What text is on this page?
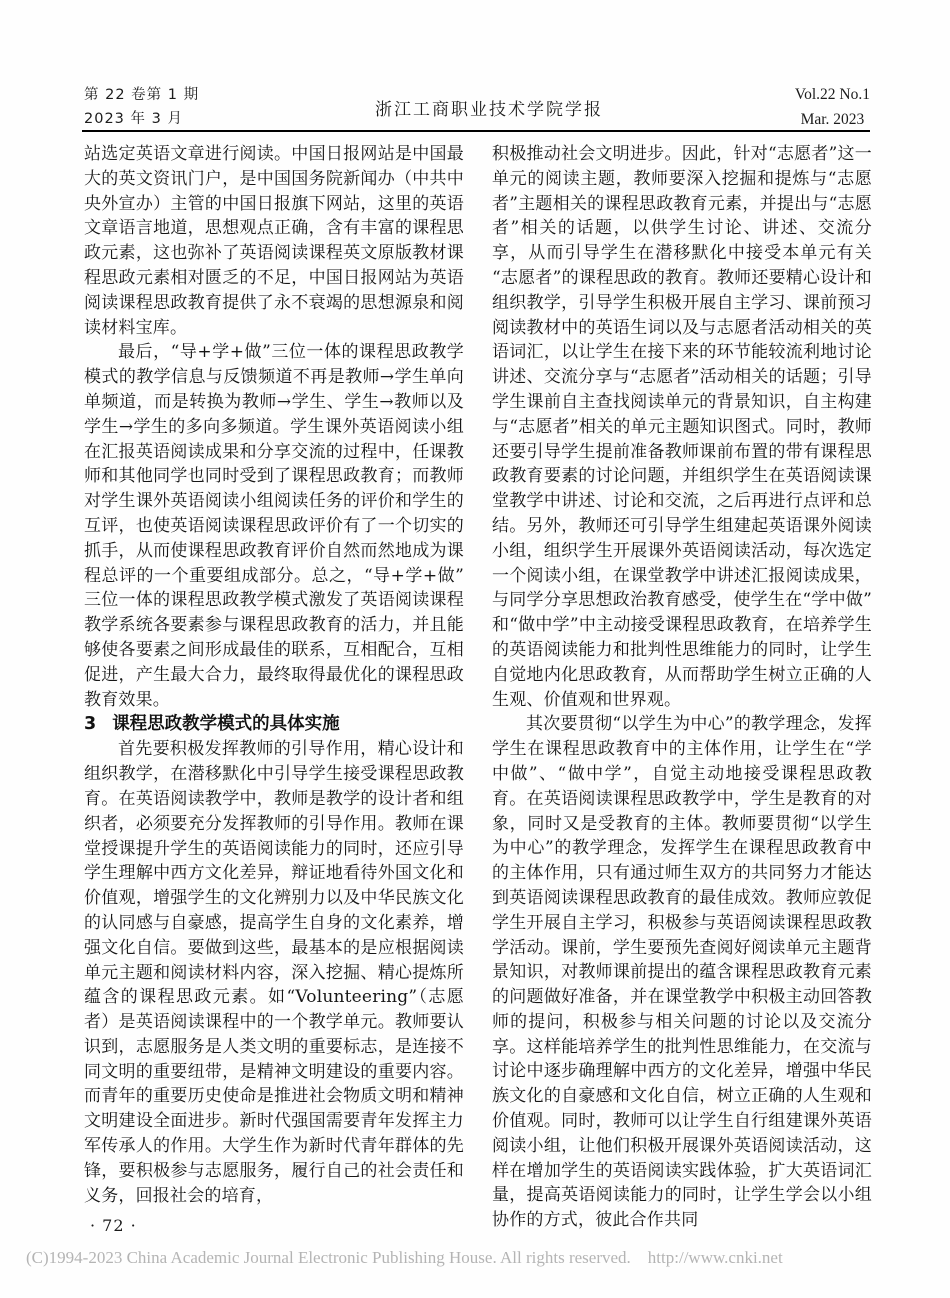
第 22 卷第 1 期
2023 年 3 月	浙江工商职业技术学院学报
Vol.22 No.1
Mar. 2023

站选定英语文章进行阅读。中国日报网站是中国最大的英文资讯门户，是中国国务院新闻办（中共中央外宣办）主管的中国日报旗下网站，这里的英语文章语言地道，思想观点正确，含有丰富的课程思政元素，这也弥补了英语阅读课程英文原版教材课程思政元素相对匮乏的不足，中国日报网站为英语阅读课程思政教育提供了永不衰竭的思想源泉和阅读材料宝库。

最后，“导+学+做”三位一体的课程思政教学模式的教学信息与反馈频道不再是教师→学生单向单频道，而是转换为教师→学生、学生→教师以及学生→学生的多向多频道。学生课外英语阅读小组在汇报英语阅读成果和分享交流的过程中，任课教师和其他同学也同时受到了课程思政教育；而教师对学生课外英语阅读小组阅读任务的评价和学生的互评，也使英语阅读课程思政评价有了一个切实的抓手，从而使课程思政教育评价自然而然地成为课程总评的一个重要组成部分。总之，“导+学+做”三位一体的课程思政教学模式激发了英语阅读课程教学系统各要素参与课程思政教育的活力，并且能够使各要素之间形成最佳的联系，互相配合，互相促进，产生最大合力，最终取得最优化的课程思政教育效果。

3 课程思政教学模式的具体实施

首先要积极发挥教师的引导作用，精心设计和组织教学，在潜移默化中引导学生接受课程思政教育。在英语阅读教学中，教师是教学的设计者和组织者，必须要充分发挥教师的引导作用。教师在课堂授课提升学生的英语阅读能力的同时，还应引导学生理解中西方文化差异，辩证地看待外国文化和价值观，增强学生的文化辨别力以及中华民族文化的认同感与自豪感，提高学生自身的文化素养，增强文化自信。要做到这些，最基本的是应根据阅读单元主题和阅读材料内容，深入挖掘、精心提炼所蕴含的课程思政元素。如“Volunteering”（志愿者）是英语阅读课程中的一个教学单元。教师要认识到，志愿服务是人类文明的重要标志，是连接不同文明的重要纽带，是精神文明建设的重要内容。而青年的重要历史使命是推进社会物质文明和精神文明建设全面进步。新时代强国需要青年发挥主力军传承人的作用。大学生作为新时代青年群体的先锋，要积极参与志愿服务，履行自己的社会责任和义务，回报社会的培育，

积极推动社会文明进步。因此，针对“志愿者”这一单元的阅读主题，教师要深入挖掘和提炼与“志愿者”主题相关的课程思政教育元素，并提出与“志愿者”相关的话题，以供学生讨论、讲述、交流分享，从而引导学生在潜移默化中接受本单元有关“志愿者”的课程思政的教育。教师还要精心设计和组织教学，引导学生积极开展自主学习、课前预习阅读教材中的英语生词以及与志愿者活动相关的英语词汇，以让学生在接下来的环节能较流利地讨论讲述、交流分享与“志愿者”活动相关的话题；引导学生课前自主查找阅读单元的背景知识，自主构建与“志愿者”相关的单元主题知识图式。同时，教师还要引导学生提前准备教师课前布置的带有课程思政教育要素的讨论问题，并组织学生在英语阅读课堂教学中讲述、讨论和交流，之后再进行点评和总结。另外，教师还可引导学生组建起英语课外阅读小组，组织学生开展课外英语阅读活动，每次选定一个阅读小组，在课堂教学中讲述汇报阅读成果，与同学分享思想政治教育感受，使学生在“学中做”和“做中学”中主动接受课程思政教育，在培养学生的英语阅读能力和批判性思维能力的同时，让学生自觉地内化思政教育，从而帮助学生树立正确的人生观、价值观和世界观。

其次要贯彻“以学生为中心”的教学理念，发挥学生在课程思政教育中的主体作用，让学生在“学中做”、“做中学”，自觉主动地接受课程思政教育。在英语阅读课程思政教学中，学生是教育的对象，同时又是受教育的主体。教师要贯彻“以学生为中心”的教学理念，发挥学生在课程思政教育中的主体作用，只有通过师生双方的共同努力才能达到英语阅读课程思政教育的最佳成效。教师应敦促学生开展自主学习，积极参与英语阅读课程思政教学活动。课前，学生要预先查阅好阅读单元主题背景知识，对教师课前提出的蕴含课程思政教育元素的问题做好准备，并在课堂教学中积极主动回答教师的提问，积极参与相关问题的讨论以及交流分享。这样能培养学生的批判性思维能力，在交流与讨论中逐步确理解中西方的文化差异，增强中华民族文化的自豪感和文化自信，树立正确的人生观和价值观。同时，教师可以让学生自行组建课外英语阅读小组，让他们积极开展课外英语阅读活动，这样在增加学生的英语阅读实践体验，扩大英语词汇量，提高英语阅读能力的同时，让学生学会以小组协作的方式，彼此合作共同

· 72 ·
(C)1994-2023 China Academic Journal Electronic Publishing House. All rights reserved.    http://www.cnki.net
